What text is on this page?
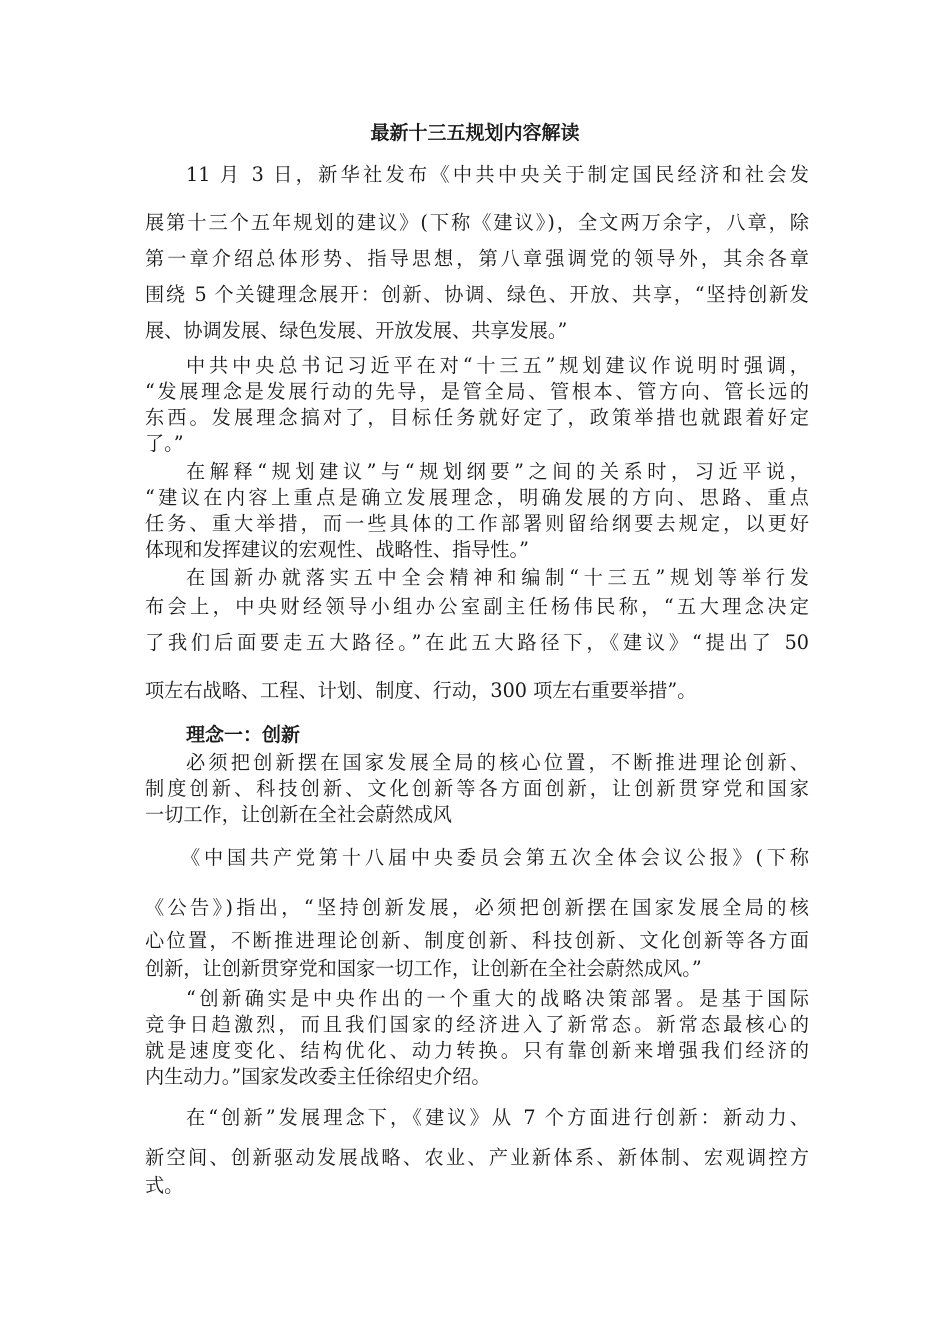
最新十三五规划内容解读
11 月 3 日，新华社发布《中共中央关于制定国民经济和社会发
展第十三个五年规划的建议》(下称《建议》)，全文两万余字，八章，除
第一章介绍总体形势、指导思想，第八章强调党的领导外，其余各章
围绕 5 个关键理念展开：创新、协调、绿色、开放、共享，“坚持创新发
展、协调发展、绿色发展、开放发展、共享发展。”
中共中央总书记习近平在对“十三五”规划建议作说明时强调，
“发展理念是发展行动的先导，是管全局、管根本、管方向、管长远的
东西。发展理念搞对了，目标任务就好定了，政策举措也就跟着好定
了。”
在解释“规划建议”与“规划纲要”之间的关系时，习近平说，
“建议在内容上重点是确立发展理念，明确发展的方向、思路、重点
任务、重大举措，而一些具体的工作部署则留给纲要去规定，以更好
体现和发挥建议的宏观性、战略性、指导性。”
在国新办就落实五中全会精神和编制“十三五”规划等举行发
布会上，中央财经领导小组办公室副主任杨伟民称，“五大理念决定
了我们后面要走五大路径。”在此五大路径下，《建议》“提出了 50
项左右战略、工程、计划、制度、行动，300 项左右重要举措”。
理念一：创新
必须把创新摆在国家发展全局的核心位置，不断推进理论创新、
制度创新、科技创新、文化创新等各方面创新，让创新贯穿党和国家
一切工作，让创新在全社会蔚然成风
《中国共产党第十八届中央委员会第五次全体会议公报》(下称
《公告》)指出，“坚持创新发展，必须把创新摆在国家发展全局的核
心位置，不断推进理论创新、制度创新、科技创新、文化创新等各方面
创新，让创新贯穿党和国家一切工作，让创新在全社会蔚然成风。”
“创新确实是中央作出的一个重大的战略决策部署。是基于国际
竞争日趋激烈，而且我们国家的经济进入了新常态。新常态最核心的
就是速度变化、结构优化、动力转换。只有靠创新来增强我们经济的
内生动力。”国家发改委主任徐绍史介绍。
在“创新”发展理念下，《建议》从 7 个方面进行创新：新动力、
新空间、创新驱动发展战略、农业、产业新体系、新体制、宏观调控方
式。
